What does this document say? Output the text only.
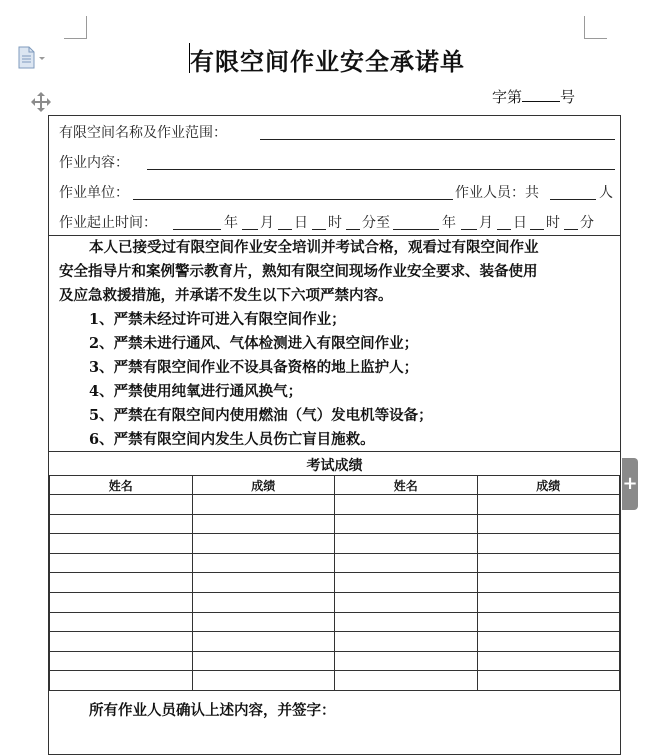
+
有限空间作业安全承诺单
字第	号
有限空间名称及作业范围：
作业内容：
作业单位：	作业人员：共	人
作业起止时间：	年 月 日 时 分至	年 月 日 时 分
本人已接受过有限空间作业安全培训并考试合格，观看过有限空间作业
安全指导片和案例警示教育片，熟知有限空间现场作业安全要求、装备使用
及应急救援措施，并承诺不发生以下六项严禁内容。
1、严禁未经过许可进入有限空间作业；
2、严禁未进行通风、气体检测进入有限空间作业；
3、严禁有限空间作业不设具备资格的地上监护人；
4、严禁使用纯氧进行通风换气；
5、严禁在有限空间内使用燃油（气）发电机等设备；
6、严禁有限空间内发生人员伤亡盲目施救。
考试成绩
姓名	成绩	姓名	成绩

所有作业人员确认上述内容，并签字：
